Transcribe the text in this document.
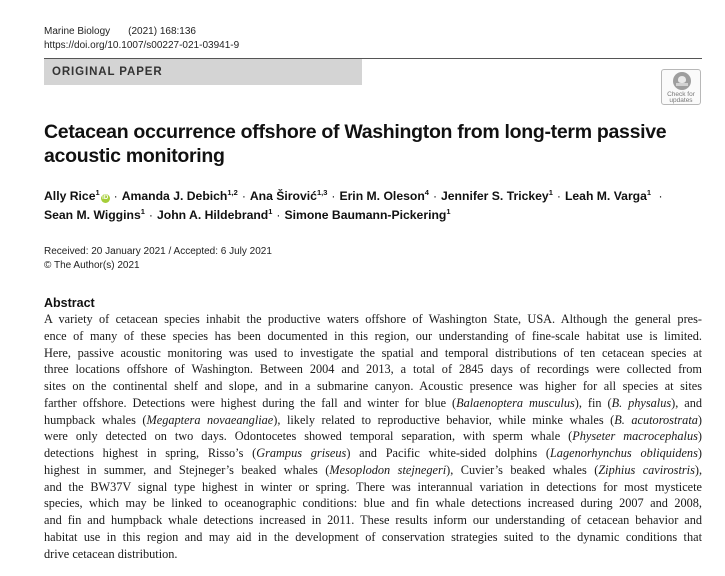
Marine Biology (2021) 168:136
https://doi.org/10.1007/s00227-021-03941-9
ORIGINAL PAPER
Check for
updates
Cetacean occurrence offshore of Washington from long-term passive
acoustic monitoring
Ally Rice$^1$iD · Amanda J. Debich$^{1,2}$ · Ana Širović$^{1,3}$ · Erin M. Oleson$^4$ · Jennifer S. Trickey$^1$ · Leah M. Varga$^1$ ·
Sean M. Wiggins$^1$ · John A. Hildebrand$^1$ · Simone Baumann-Pickering$^1$
Received: 20 January 2021 / Accepted: 6 July 2021
© The Author(s) 2021
Abstract
A variety of cetacean species inhabit the productive waters offshore of Washington State, USA. Although the general pres-
ence of many of these species has been documented in this region, our understanding of fine-scale habitat use is limited.
Here, passive acoustic monitoring was used to investigate the spatial and temporal distributions of ten cetacean species at
three locations offshore of Washington. Between 2004 and 2013, a total of 2845 days of recordings were collected from
sites on the continental shelf and slope, and in a submarine canyon. Acoustic presence was higher for all species at sites
farther offshore. Detections were highest during the fall and winter for blue (Balaenoptera musculus), fin (B. physalus), and
humpback whales (Megaptera novaeangliae), likely related to reproductive behavior, while minke whales (B. acutorostrata)
were only detected on two days. Odontocetes showed temporal separation, with sperm whale (Physeter macrocephalus)
detections highest in spring, Risso’s (Grampus griseus) and Pacific white-sided dolphins (Lagenorhynchus obliquidens)
highest in summer, and Stejneger’s beaked whales (Mesoplodon stejnegeri), Cuvier’s beaked whales (Ziphius cavirostris),
and the BW37V signal type highest in winter or spring. There was interannual variation in detections for most mysticete
species, which may be linked to oceanographic conditions: blue and fin whale detections increased during 2007 and 2008,
and fin and humpback whale detections increased in 2011. These results inform our understanding of cetacean behavior and
habitat use in this region and may aid in the development of conservation strategies suited to the dynamic conditions that
drive cetacean distribution.
